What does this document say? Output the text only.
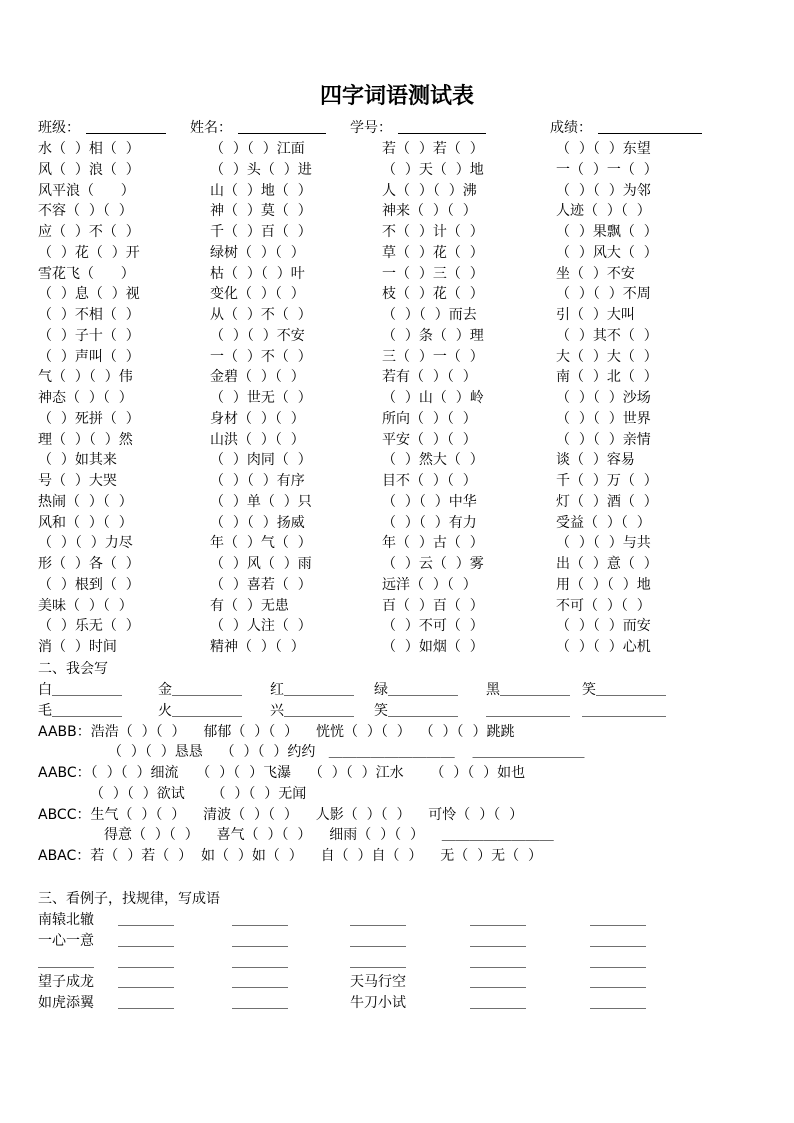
四字词语测试表
班级：	姓名：	学号：	成绩：
水（  ）相（  ）	（  ）（  ）江面	若（  ）若（  ）	（  ）（  ）东望
风（  ）浪（  ）	（  ）头（  ）进	（  ）天（  ）地	一（  ）一（  ）
风平浪（      ）	山（  ）地（  ）	人（  ）（  ）沸	（  ）（  ）为邻
不容（  ）（  ）	神（  ）莫（  ）	神来（  ）（  ）	人迹（  ）（  ）
应（  ）不（  ）	千（  ）百（  ）	不（  ）计（  ）	（  ）果飘（  ）
（  ）花（  ）开	绿树（  ）（  ）	草（  ）花（  ）	（  ）风大（  ）
雪花飞（      ）	枯（  ）（  ）叶	一（  ）三（  ）	坐（  ）不安
（  ）息（  ）视	变化（  ）（  ）	枝（  ）花（  ）	（  ）（  ）不周
（  ）不相（  ）	从（  ）不（  ）	（  ）（  ）而去	引（  ）大叫
（  ）子十（  ）	（  ）（  ）不安	（  ）条（  ）理	（  ）其不（  ）
（  ）声叫（  ）	一（  ）不（  ）	三（  ）一（  ）	大（  ）大（  ）
气（  ）（  ）伟	金碧（  ）（  ）	若有（  ）（  ）	南（  ）北（  ）
神态（  ）（  ）	（  ）世无（  ）	（  ）山（  ）岭	（  ）（  ）沙场
（  ）死拼（  ）	身材（  ）（  ）	所向（  ）（  ）	（  ）（  ）世界
理（  ）（  ）然	山洪（  ）（  ）	平安（  ）（  ）	（  ）（  ）亲情
（  ）如其来	（  ）肉同（  ）	（  ）然大（  ）	谈（  ）容易
号（  ）大哭	（  ）（  ）有序	目不（  ）（  ）	千（  ）万（  ）
热闹（  ）（  ）	（  ）单（  ）只	（  ）（  ）中华	灯（  ）酒（  ）
风和（  ）（  ）	（  ）（  ）扬威	（  ）（  ）有力	受益（  ）（  ）
（  ）（  ）力尽	年（  ）气（  ）	年（  ）古（  ）	（  ）（  ）与共
形（  ）各（  ）	（  ）风（  ）雨	（  ）云（  ）雾	出（  ）意（  ）
（  ）根到（  ）	（  ）喜若（  ）	远洋（  ）（  ）	用（  ）（  ）地
美味（  ）（  ）	有（  ）无患	百（  ）百（  ）	不可（  ）（  ）
（  ）乐无（  ）	（  ）人注（  ）	（  ）不可（  ）	（  ）（  ）而安
消（  ）时间	精神（  ）（  ）	（  ）如烟（  ）	（  ）（  ）心机
二、我会写
白＿＿＿＿＿	金＿＿＿＿＿ 红＿＿＿＿＿ 绿＿＿＿＿＿ 黑＿＿＿＿＿ 笑＿＿＿＿＿
毛＿＿＿＿＿	火＿＿＿＿＿ 兴＿＿＿＿＿ 笑＿＿＿＿＿ ＿＿＿＿＿＿ ＿＿＿＿＿＿
AABB：浩浩（  ）（  ）    郁郁（  ）（  ）    恍恍（  ）（  ）  （  ）（  ）跳跳
（  ）（  ）恳恳    （  ）（  ）约约   ＿＿＿＿＿＿＿＿＿    ＿＿＿＿＿＿＿＿
AABC：（  ）（  ）细流    （  ）（  ）飞瀑    （  ）（  ）江水      （  ）（  ）如也
（  ）（  ）欲试      （  ）（  ）无闻
ABCC：生气（  ）（  ）    清波（  ）（  ）    人影（  ）（  ）    可怜（  ）（  ）
得意（  ）（  ）    喜气（  ）（  ）    细雨（  ）（  ）    ＿＿＿＿＿＿＿＿
ABAC：若（  ）若（  ）  如（  ）如（  ）    自（  ）自（  ）    无（  ）无（  ）
三、看例子，找规律，写成语
南辕北辙 ＿＿＿＿	＿＿＿＿	＿＿＿＿	＿＿＿＿	＿＿＿＿
一心一意 ＿＿＿＿	＿＿＿＿	＿＿＿＿	＿＿＿＿	＿＿＿＿
＿＿＿＿ ＿＿＿＿	＿＿＿＿	＿＿＿＿	＿＿＿＿	＿＿＿＿
望子成龙 ＿＿＿＿	＿＿＿＿	天马行空	＿＿＿＿	＿＿＿＿
如虎添翼 ＿＿＿＿	＿＿＿＿	牛刀小试	＿＿＿＿	＿＿＿＿
